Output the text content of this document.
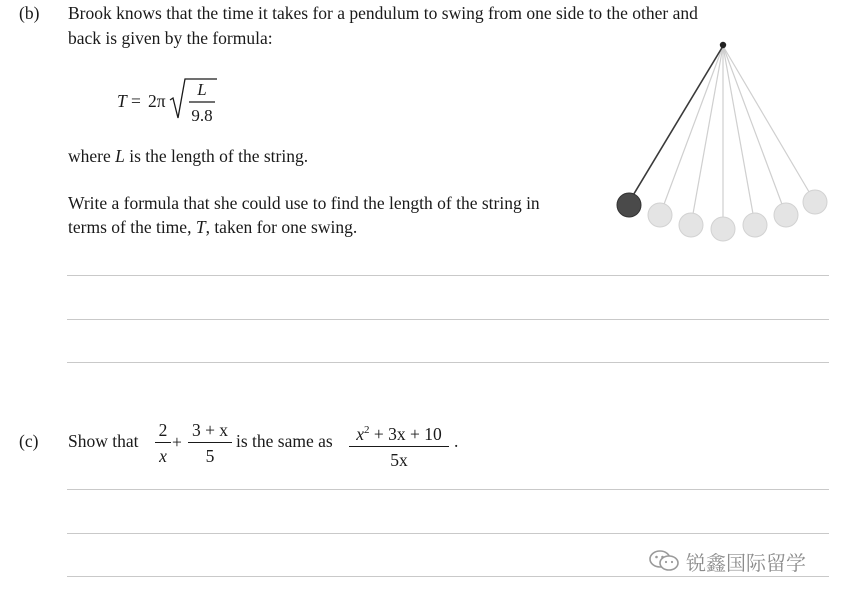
(b) Brook knows that the time it takes for a pendulum to swing from one side to the other and
back is given by the formula:
T = 2π
L
9.8
where L is the length of the string.
Write a formula that she could use to find the length of the string in
terms of the time, T, taken for one swing.
(c) Show that
2
x
+
3 + x
5
is the same as $x^2 + 3x + 10$
5x
.
锐鑫国际留学
